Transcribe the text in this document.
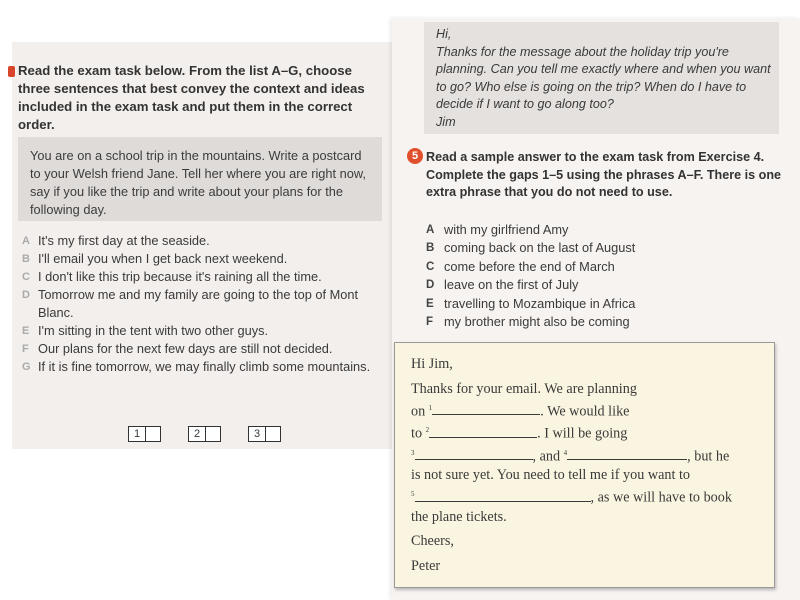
Read the exam task below. From the list A–G, choose three sentences that best convey the context and ideas included in the exam task and put them in the correct order.
You are on a school trip in the mountains. Write a postcard to your Welsh friend Jane. Tell her where you are right now, say if you like the trip and write about your plans for the following day.
A It's my first day at the seaside.
B I'll email you when I get back next weekend.
C I don't like this trip because it's raining all the time.
D Tomorrow me and my family are going to the top of Mont Blanc.
E I'm sitting in the tent with two other guys.
F Our plans for the next few days are still not decided.
G If it is fine tomorrow, we may finally climb some mountains.
1	2	3
Hi,
Thanks for the message about the holiday trip you're planning. Can you tell me exactly where and when you want to go? Who else is going on the trip? When do I have to decide if I want to go along too?
Jim
5 Read a sample answer to the exam task from Exercise 4. Complete the gaps 1–5 using the phrases A–F. There is one extra phrase that you do not need to use.
A with my girlfriend Amy
B coming back on the last of August
C come before the end of March
D leave on the first of July
E travelling to Mozambique in Africa
F my brother might also be coming

Hi Jim,

Thanks for your email. We are planning
on $^1$	. We would like
to $^2$	. I will be going
$^3$	, and $^4$	, but he
is not sure yet. You need to tell me if you want to
$^5$	, as we will have to book
the plane tickets.

Cheers,

Peter
